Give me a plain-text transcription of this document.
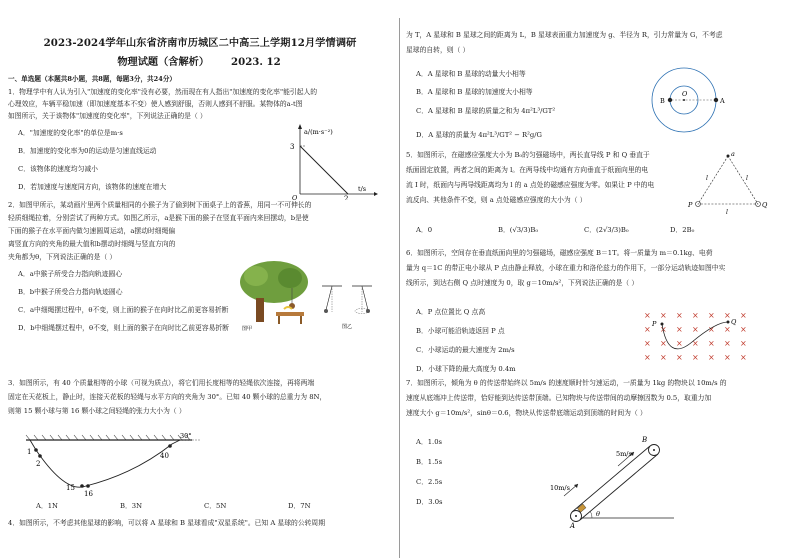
2023-2024学年山东省济南市历城区二中高三上学期12月学情调研
物理试题（含解析） 2023. 12
一、单选题（本题共8小题，共8题，每题3分，共24分）
1．物理学中有人认为引入"加速度的变化率"没有必要，然而现在有人指出"加速度的变化率"能引起人的
心理效应，车辆平稳加速（即加速度基本不变）使人感到舒服，否则人感到不舒服。某物体的a-t图
如图所示，关于该物体"加速度的变化率"，下列说法正确的是（ ）
A．"加速度的变化率"的单位是m·s
B．加速度的变化率为0的运动是匀速直线运动
C．该物体的速度均匀减小
D．若加速度与速度同方向，该物体的速度在增大
3
2
O
a/(m·s⁻²)
t/s
2．如图甲所示，某动画片里两个质量相同的小猴子为了偷到树下面桌子上的香蕉，用同一不可伸长的
轻质细绳拉着，分别尝试了两种方式。如图乙所示，a是猴下面的猴子在竖直平面内来回摆动，b是使
下面的猴子在水平面内做匀速圆周运动，a摆动时细绳偏
离竖直方向的夹角的最大值和b摆动时细绳与竖直方向的
夹角都为θ，下列说法正确的是（ ）
A．a中猴子所受合力指向轨迹圆心
B．b中猴子所受合力指向轨迹圆心
C．a中细绳摆过程中，θ不变，则上面的猴子在向时比乙前更容易折断
D．b中细绳摆过程中，θ不变，则上面的猴子在向时比乙前更容易折断	图甲	图乙
3．如图所示，有 40 个质量相等的小球（可视为质点），将它们用长度相等的轻绳依次连接，再将两端
固定在天花板上，静止时，连接天花板的轻绳与水平方向的夹角为 30°。已知 40 颗小球的总重力为 8N，
则第 15 颗小球与第 16 颗小球之间轻绳的张力大小为（ ）
1
2
15
16
40
30°
A．1N	B．3N	C．5N	D．7N
4．如图所示，不考虑其他星球的影响，可以将 A 星球和 B 星球看成"双星系统"。已知 A 星球的公转周期
为 T，A 星球和 B 星球之间的距离为 L，B 星球表面重力加速度为 g、半径为 R，引力常量为 G，不考虑
星球的自转，则（ ）
A．A 星球和 B 星球的动量大小相等
B．A 星球和 B 星球的加速度大小相等
C．A 星球和 B 星球的质量之和为 4π²L³/GT²
D．A 星球的质量为 4π²L³/GT² − R²g/G
B
O
A
5．如图所示，在磁感应强度大小为 B₀的匀强磁场中，两长直导线 P 和 Q 垂直于
纸面固定放置，两者之间的距离为 l。在两导线中均通有方向垂直于纸面向里的电
流 I 时，纸面内与两导线距离均为 l 的 a 点处的磁感应强度为零。如果让 P 中的电
流反向、其他条件不变，则 a 点处磁感应强度的大小为（ ）
A．0	B．(√3/3)B₀	C．(2√3/3)B₀	D．2B₀
a
l	l
P
l
Q
6．如图所示，空间存在垂直纸面向里的匀强磁场，磁感应强度 B＝1T。将一质量为 m＝0.1kg、电荷
量为 q＝1C 的带正电小球从 P 点由静止释放，小球在重力和洛伦兹力的作用下，一部分运动轨迹如图中实
线所示，到达右侧 Q 点时速度为 0，取 g＝10m/s²，下列说法正确的是（ ）
A．P 点位置比 Q 点高
B．小球可能沿轨迹返回 P 点
C．小球运动的最大速度为 2m/s
D．小球下降的最大高度为 0.4m
× × × × × × ×
× × × × × × ×
× × × × × × ×
× × × × × × ×
P	Q
7．如图所示，倾角为 θ 的传送带始终以 5m/s 的速度顺时针匀速运动，一质量为 1kg 的物块以 10m/s 的
速度从底端冲上传送带，恰好能到达传送带顶端。已知物块与传送带间的动摩擦因数为 0.5，取重力加
速度大小 g＝10m/s²，sinθ＝0.6，物块从传送带底端运动到顶端的时间为（ ）
A．1.0s
B．1.5s
C．2.5s
D．3.0s
B
5m/s
10m/s
A
θ
